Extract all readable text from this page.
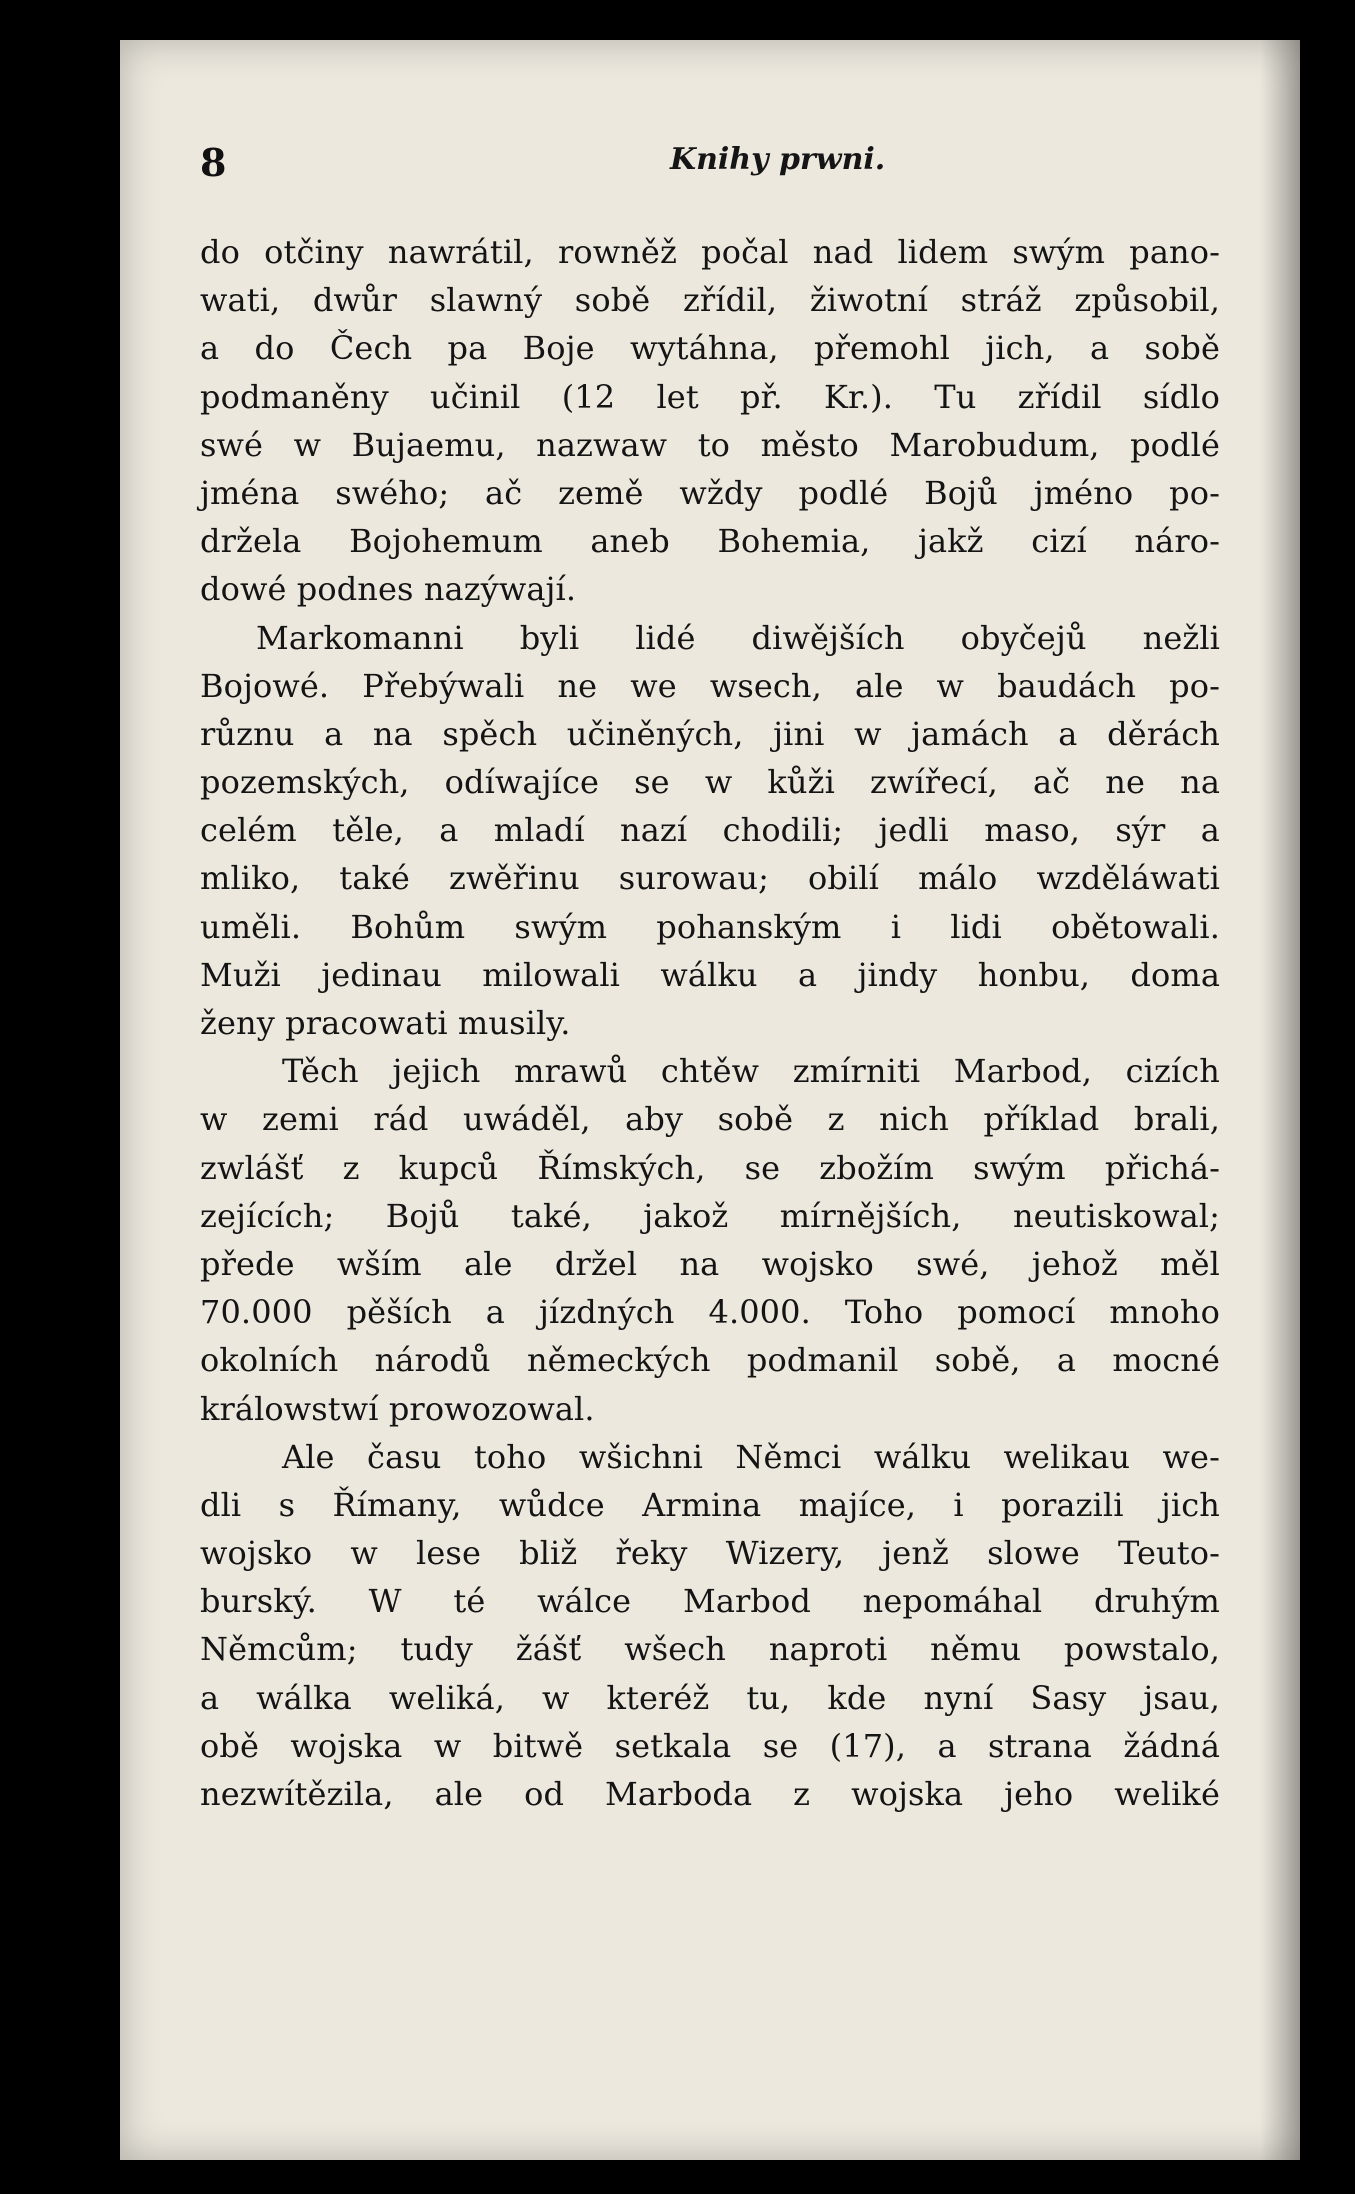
8	Knihy prwni.
do otčiny nawrátil, rowněž počal nad lidem swým pano-
wati, dwůr slawný sobě zřídil, žiwotní stráž způsobil,
a do Čech pa Boje wytáhna, přemohl jich, a sobě
podmaněny učinil (12 let př. Kr.). Tu zřídil sídlo
swé w Bujaemu, nazwaw to město Marobudum, podlé
jména swého; ač země wždy podlé Bojů jméno po-
držela Bojohemum aneb Bohemia, jakž cizí náro-
dowé podnes nazýwají.
Markomanni byli lidé diwějších obyčejů nežli
Bojowé. Přebýwali ne we wsech, ale w baudách po-
různu a na spěch učiněných, jini w jamách a děrách
pozemských, odíwajíce se w kůži zwířecí, ač ne na
celém těle, a mladí nazí chodili; jedli maso, sýr a
mliko, také zwěřinu surowau; obilí málo wzděláwati
uměli. Bohům swým pohanským i lidi obětowali.
Muži jedinau milowali wálku a jindy honbu, doma
ženy pracowati musily.
Těch jejich mrawů chtěw zmírniti Marbod, cizích
w zemi rád uwáděl, aby sobě z nich příklad brali,
zwlášť z kupců Římských, se zbožím swým přichá-
zejících; Bojů také, jakož mírnějších, neutiskowal;
přede wším ale držel na wojsko swé, jehož měl
70.000 pěších a jízdných 4.000. Toho pomocí mnoho
okolních národů německých podmanil sobě, a mocné
králowstwí prowozowal.
Ale času toho wšichni Němci wálku welikau we-
dli s Římany, wůdce Armina majíce, i porazili jich
wojsko w lese bliž řeky Wizery, jenž slowe Teuto-
burský. W té wálce Marbod nepomáhal druhým
Němcům; tudy žášť wšech naproti němu powstalo,
a wálka weliká, w kteréž tu, kde nyní Sasy jsau,
obě wojska w bitwě setkala se (17), a strana žádná
nezwítězila, ale od Marboda z wojska jeho weliké
